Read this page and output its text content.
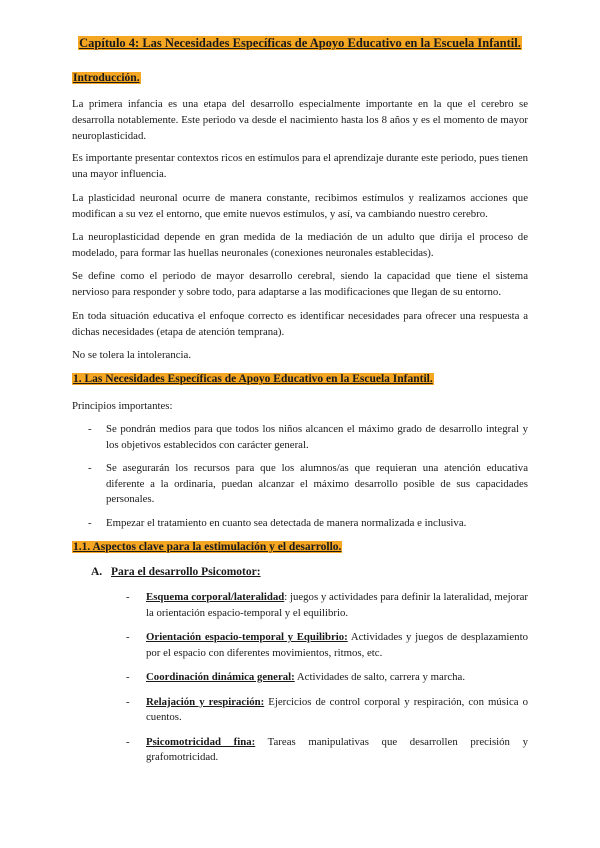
Capítulo 4: Las Necesidades Específicas de Apoyo Educativo en la Escuela Infantil.
Introducción.

La primera infancia es una etapa del desarrollo especialmente importante en la que el cerebro se desarrolla notablemente. Este periodo va desde el nacimiento hasta los 8 años y es el momento de mayor neuroplasticidad.

Es importante presentar contextos ricos en estímulos para el aprendizaje durante este periodo, pues tienen una mayor influencia.

La plasticidad neuronal ocurre de manera constante, recibimos estímulos y realizamos acciones que modifican a su vez el entorno, que emite nuevos estímulos, y así, va cambiando nuestro cerebro.

La neuroplasticidad depende en gran medida de la mediación de un adulto que dirija el proceso de modelado, para formar las huellas neuronales (conexiones neuronales establecidas).

Se define como el periodo de mayor desarrollo cerebral, siendo la capacidad que tiene el sistema nervioso para responder y sobre todo, para adaptarse a las modificaciones que llegan de su entorno.

En toda situación educativa el enfoque correcto es identificar necesidades para ofrecer una respuesta a dichas necesidades (etapa de atención temprana).

No se tolera la intolerancia.

1. Las Necesidades Específicas de Apoyo Educativo en la Escuela Infantil.

Principios importantes:

- Se pondrán medios para que todos los niños alcancen el máximo grado de desarrollo integral y los objetivos establecidos con carácter general.
- Se asegurarán los recursos para que los alumnos/as que requieran una atención educativa diferente a la ordinaria, puedan alcanzar el máximo desarrollo posible de sus capacidades personales.
- Empezar el tratamiento en cuanto sea detectada de manera normalizada e inclusiva.
1.1. Aspectos clave para la estimulación y el desarrollo.
A. Para el desarrollo Psicomotor:
- Esquema corporal/lateralidad: juegos y actividades para definir la lateralidad, mejorar la orientación espacio-temporal y el equilibrio.
- Orientación espacio-temporal y Equilibrio: Actividades y juegos de desplazamiento por el espacio con diferentes movimientos, ritmos, etc.
- Coordinación dinámica general: Actividades de salto, carrera y marcha.
- Relajación y respiración: Ejercicios de control corporal y respiración, con música o cuentos.
- Psicomotricidad fina: Tareas manipulativas que desarrollen precisión y grafomotricidad.
